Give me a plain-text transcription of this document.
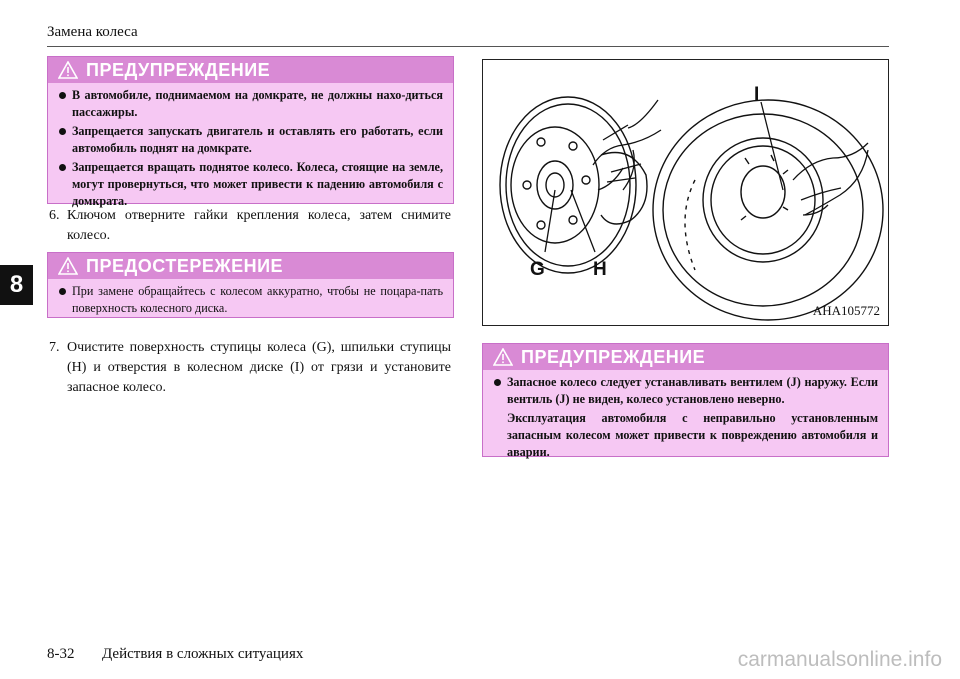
Замена колеса
8
ПРЕДУПРЕЖДЕНИЕ
В автомобиле, поднимаемом на домкрате, не должны нахо-диться пассажиры.
Запрещается запускать двигатель и оставлять его работать, если автомобиль поднят на домкрате.
Запрещается вращать поднятое колесо. Колеса, стоящие на земле, могут провернуться, что может привести к падению автомобиля с домкрата.
6. Ключом отверните гайки крепления колеса, затем снимите колесо.
ПРЕДОСТЕРЕЖЕНИЕ
При замене обращайтесь с колесом аккуратно, чтобы не поцара-пать поверхность колесного диска.
7. Очистите поверхность ступицы колеса (G), шпильки ступицы (H) и отверстия в колесном диске (I) от грязи и установите запасное колесо.
G	H
I
AHA105772
ПРЕДУПРЕЖДЕНИЕ
Запасное колесо следует устанавливать вентилем (J) наружу. Если вентиль (J) не виден, колесо установлено неверно.
Эксплуатация автомобиля с неправильно установленным запасным колесом может привести к повреждению автомобиля и аварии.
8-32 Действия в сложных ситуациях	carmanualsonline.info
